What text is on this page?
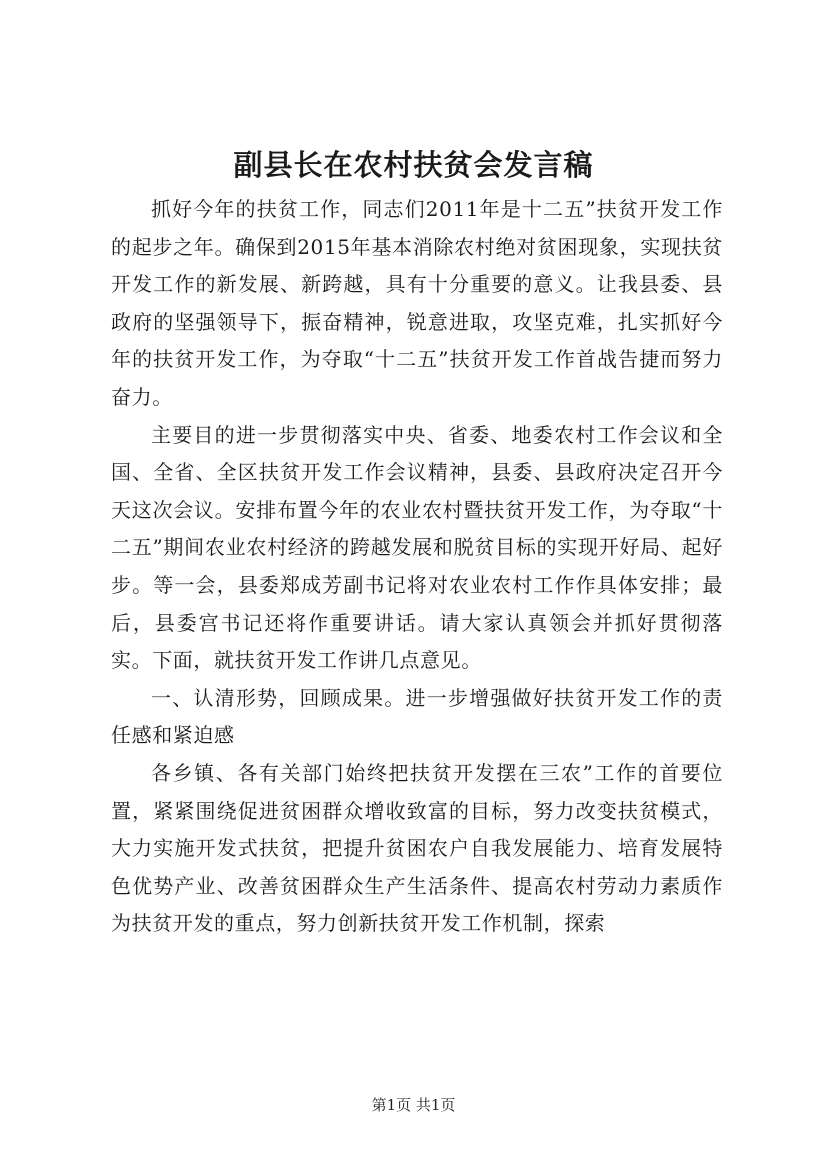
副县长在农村扶贫会发言稿

抓好今年的扶贫工作，同志们2011年是十二五”扶贫开发工作的起步之年。确保到2015年基本消除农村绝对贫困现象，实现扶贫开发工作的新发展、新跨越，具有十分重要的意义。让我县委、县政府的坚强领导下，振奋精神，锐意进取，攻坚克难，扎实抓好今年的扶贫开发工作，为夺取“十二五”扶贫开发工作首战告捷而努力奋力。

主要目的进一步贯彻落实中央、省委、地委农村工作会议和全国、全省、全区扶贫开发工作会议精神，县委、县政府决定召开今天这次会议。安排布置今年的农业农村暨扶贫开发工作，为夺取“十二五”期间农业农村经济的跨越发展和脱贫目标的实现开好局、起好步。等一会，县委郑成芳副书记将对农业农村工作作具体安排；最后，县委宫书记还将作重要讲话。请大家认真领会并抓好贯彻落实。下面，就扶贫开发工作讲几点意见。

一、认清形势，回顾成果。进一步增强做好扶贫开发工作的责任感和紧迫感

各乡镇、各有关部门始终把扶贫开发摆在三农”工作的首要位置，紧紧围绕促进贫困群众增收致富的目标，努力改变扶贫模式，大力实施开发式扶贫，把提升贫困农户自我发展能力、培育发展特色优势产业、改善贫困群众生产生活条件、提高农村劳动力素质作为扶贫开发的重点，努力创新扶贫开发工作机制，探索

第1页 共1页
